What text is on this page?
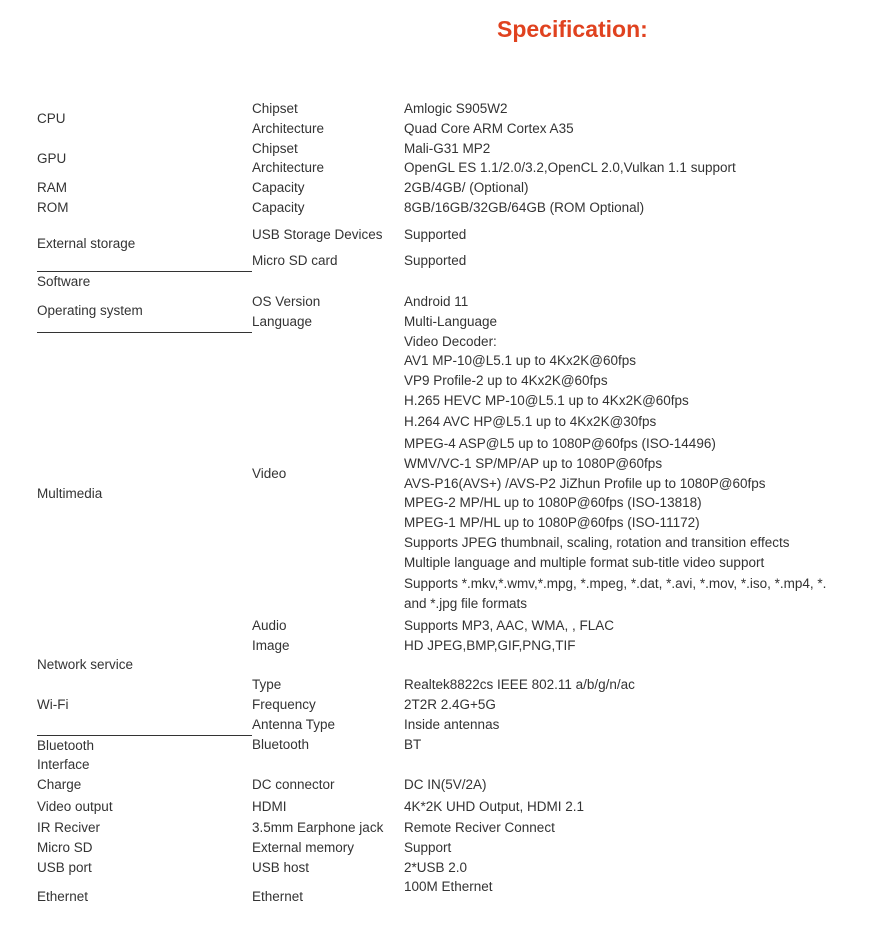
Specification:
CPU
GPU
RAM
ROM
External storage
Software
Operating system
Multimedia
Network service
Wi-Fi
Bluetooth
Interface
Charge
Video output
IR Reciver
Micro SD
USB port
Ethernet
Chipset
Architecture
Chipset
Architecture
Capacity
Capacity
USB Storage Devices
Micro SD card
OS Version
Language
Video
Audio
Image
Type
Frequency
Antenna Type
Bluetooth
DC connector
HDMI
3.5mm Earphone jack
External memory
USB host
Ethernet
Amlogic S905W2
Quad Core ARM Cortex A35
Mali-G31 MP2
OpenGL ES 1.1/2.0/3.2,OpenCL 2.0,Vulkan 1.1 support
2GB/4GB/ (Optional)
8GB/16GB/32GB/64GB (ROM Optional)
Supported
Supported
Android 11
Multi-Language
Video Decoder:
AV1 MP-10@L5.1 up to 4Kx2K@60fps
VP9 Profile-2 up to 4Kx2K@60fps
H.265 HEVC MP-10@L5.1 up to 4Kx2K@60fps
H.264 AVC HP@L5.1 up to 4Kx2K@30fps
MPEG-4 ASP@L5 up to 1080P@60fps (ISO-14496)
WMV/VC-1 SP/MP/AP up to 1080P@60fps
AVS-P16(AVS+) /AVS-P2 JiZhun Profile up to 1080P@60fps
MPEG-2 MP/HL up to 1080P@60fps (ISO-13818)
MPEG-1 MP/HL up to 1080P@60fps (ISO-11172)
Supports JPEG thumbnail, scaling, rotation and transition effects
Multiple language and multiple format sub-title video support
Supports *.mkv,*.wmv,*.mpg, *.mpeg, *.dat, *.avi, *.mov, *.iso, *.mp4, *.
and *.jpg file formats
Supports MP3, AAC, WMA, , FLAC
HD JPEG,BMP,GIF,PNG,TIF
Realtek8822cs IEEE 802.11 a/b/g/n/ac
2T2R 2.4G+5G
Inside antennas
BT
DC IN(5V/2A)
4K*2K UHD Output, HDMI 2.1
Remote Reciver Connect
Support
2*USB 2.0
100M Ethernet
